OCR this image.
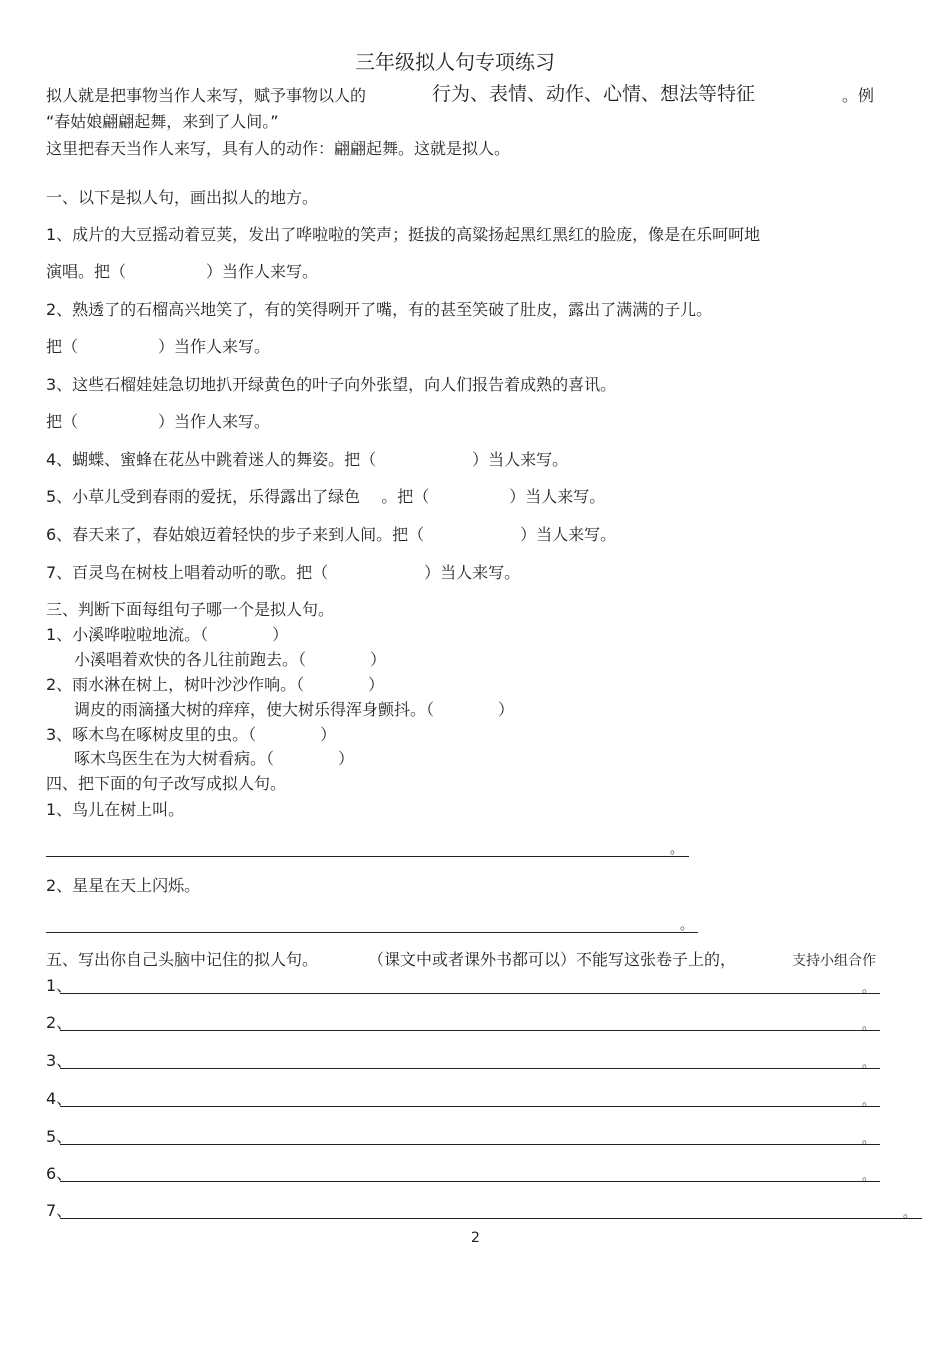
三年级拟人句专项练习
拟人就是把事物当作人来写，赋予事物以人的	行为、表情、动作、心情、想法等特征	。例
“春姑娘翩翩起舞，来到了人间。”
这里把春天当作人来写，具有人的动作：翩翩起舞。这就是拟人。
一、以下是拟人句，画出拟人的地方。
1、成片的大豆摇动着豆荚，发出了哗啦啦的笑声；挺拔的高粱扬起黑红黑红的脸庞，像是在乐呵呵地
演唱。把（　　　　　）当作人来写。
2、熟透了的石榴高兴地笑了，有的笑得咧开了嘴，有的甚至笑破了肚皮，露出了满满的子儿。
把（　　　　　）当作人来写。
3、这些石榴娃娃急切地扒开绿黄色的叶子向外张望，向人们报告着成熟的喜讯。
把（　　　　　）当作人来写。
4、蝴蝶、蜜蜂在花丛中跳着迷人的舞姿。把（　　　　　　）当人来写。
5、小草儿受到春雨的爱抚，乐得露出了绿色　 。把（　　　　　）当人来写。
6、春天来了，春姑娘迈着轻快的步子来到人间。把（　　　　　　）当人来写。
7、百灵鸟在树枝上唱着动听的歌。把（　　　　　　）当人来写。
三、判断下面每组句子哪一个是拟人句。
1、小溪哗啦啦地流。（　　　　）
小溪唱着欢快的各儿往前跑去。（　　　　）
2、雨水淋在树上，树叶沙沙作响。（　　　　）
调皮的雨滴搔大树的痒痒，使大树乐得浑身颤抖。（　　　　）
3、啄木鸟在啄树皮里的虫。（　　　　）
啄木鸟医生在为大树看病。（　　　　）
四、把下面的句子改写成拟人句。
1、鸟儿在树上叫。
。
2、星星在天上闪烁。
。
五、写出你自己头脑中记住的拟人句。	（课文中或者课外书都可以）不能写这张卷子上的，	支持小组合作
1、	。
2、	。
3、	。
4、	。
5、	。
6、	。
7、	。
2
